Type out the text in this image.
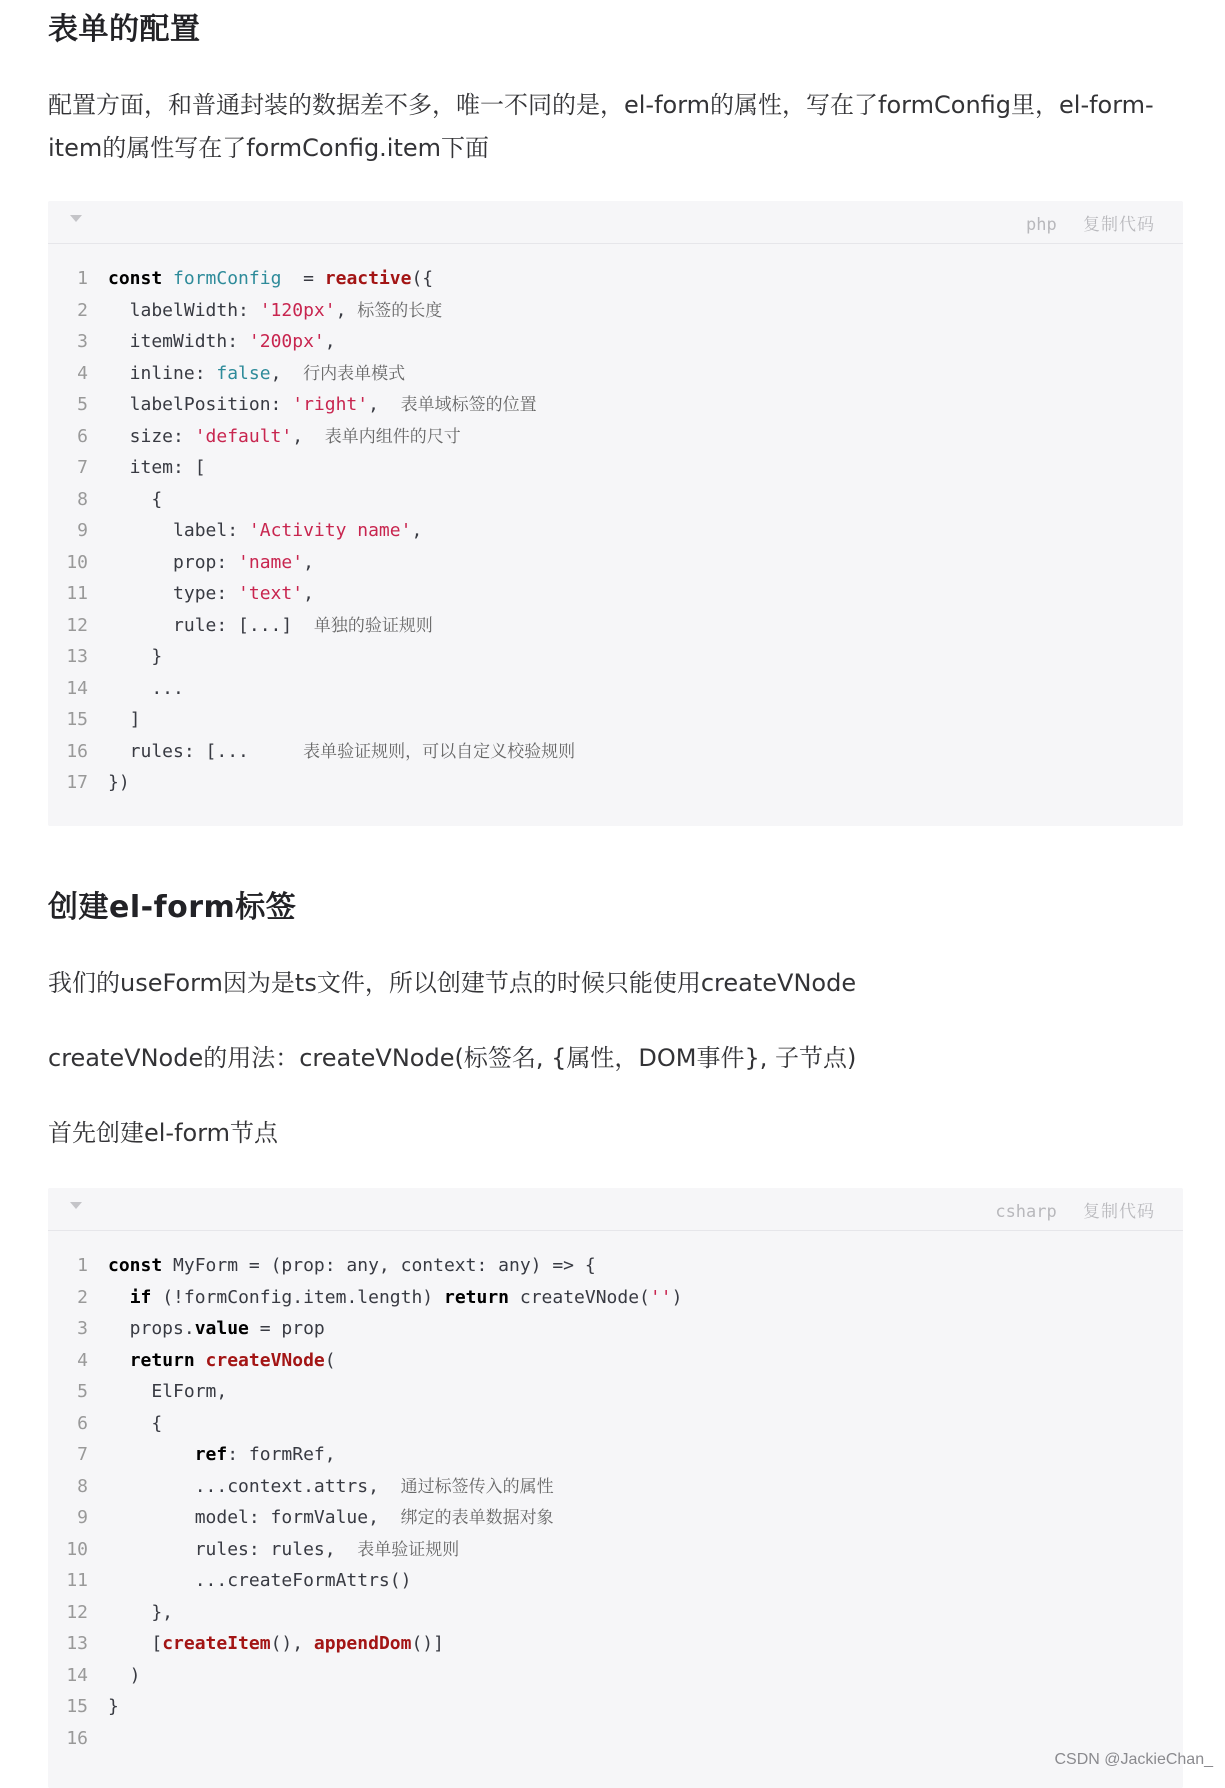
表单的配置

配置方面，和普通封装的数据差不多，唯一不同的是，el-form的属性，写在了formConfig里，el-form-item的属性写在了formConfig.item下面

php 复制代码
1 const formConfig  = reactive({
2  labelWidth: '120px', 标签的长度
3  itemWidth: '200px',
4  inline: false,  行内表单模式
5  labelPosition: 'right',  表单域标签的位置
6  size: 'default',  表单内组件的尺寸
7  item: [
8    {
9      label: 'Activity name',
10      prop: 'name',
11      type: 'text',
12      rule: [...]  单独的验证规则
13    }
14    ...
15  ]
16  rules: [...     表单验证规则，可以自定义校验规则
17 })
创建el-form标签

我们的useForm因为是ts文件，所以创建节点的时候只能使用createVNode

createVNode的用法：createVNode(标签名, {属性，DOM事件}, 子节点)

首先创建el-form节点

csharp 复制代码
1 const MyForm = (prop: any, context: any) => {
2 if (!formConfig.item.length) return createVNode('')
3  props.value = prop
4 return createVNode(
5    ElForm,
6    {
7	ref: formRef,
8        ...context.attrs,  通过标签传入的属性
9        model: formValue,  绑定的表单数据对象
10        rules: rules,  表单验证规则
11        ...createFormAttrs()
12    },
13    [createItem(), appendDom()]
14  )
15 }
16
CSDN @JackieChan_
